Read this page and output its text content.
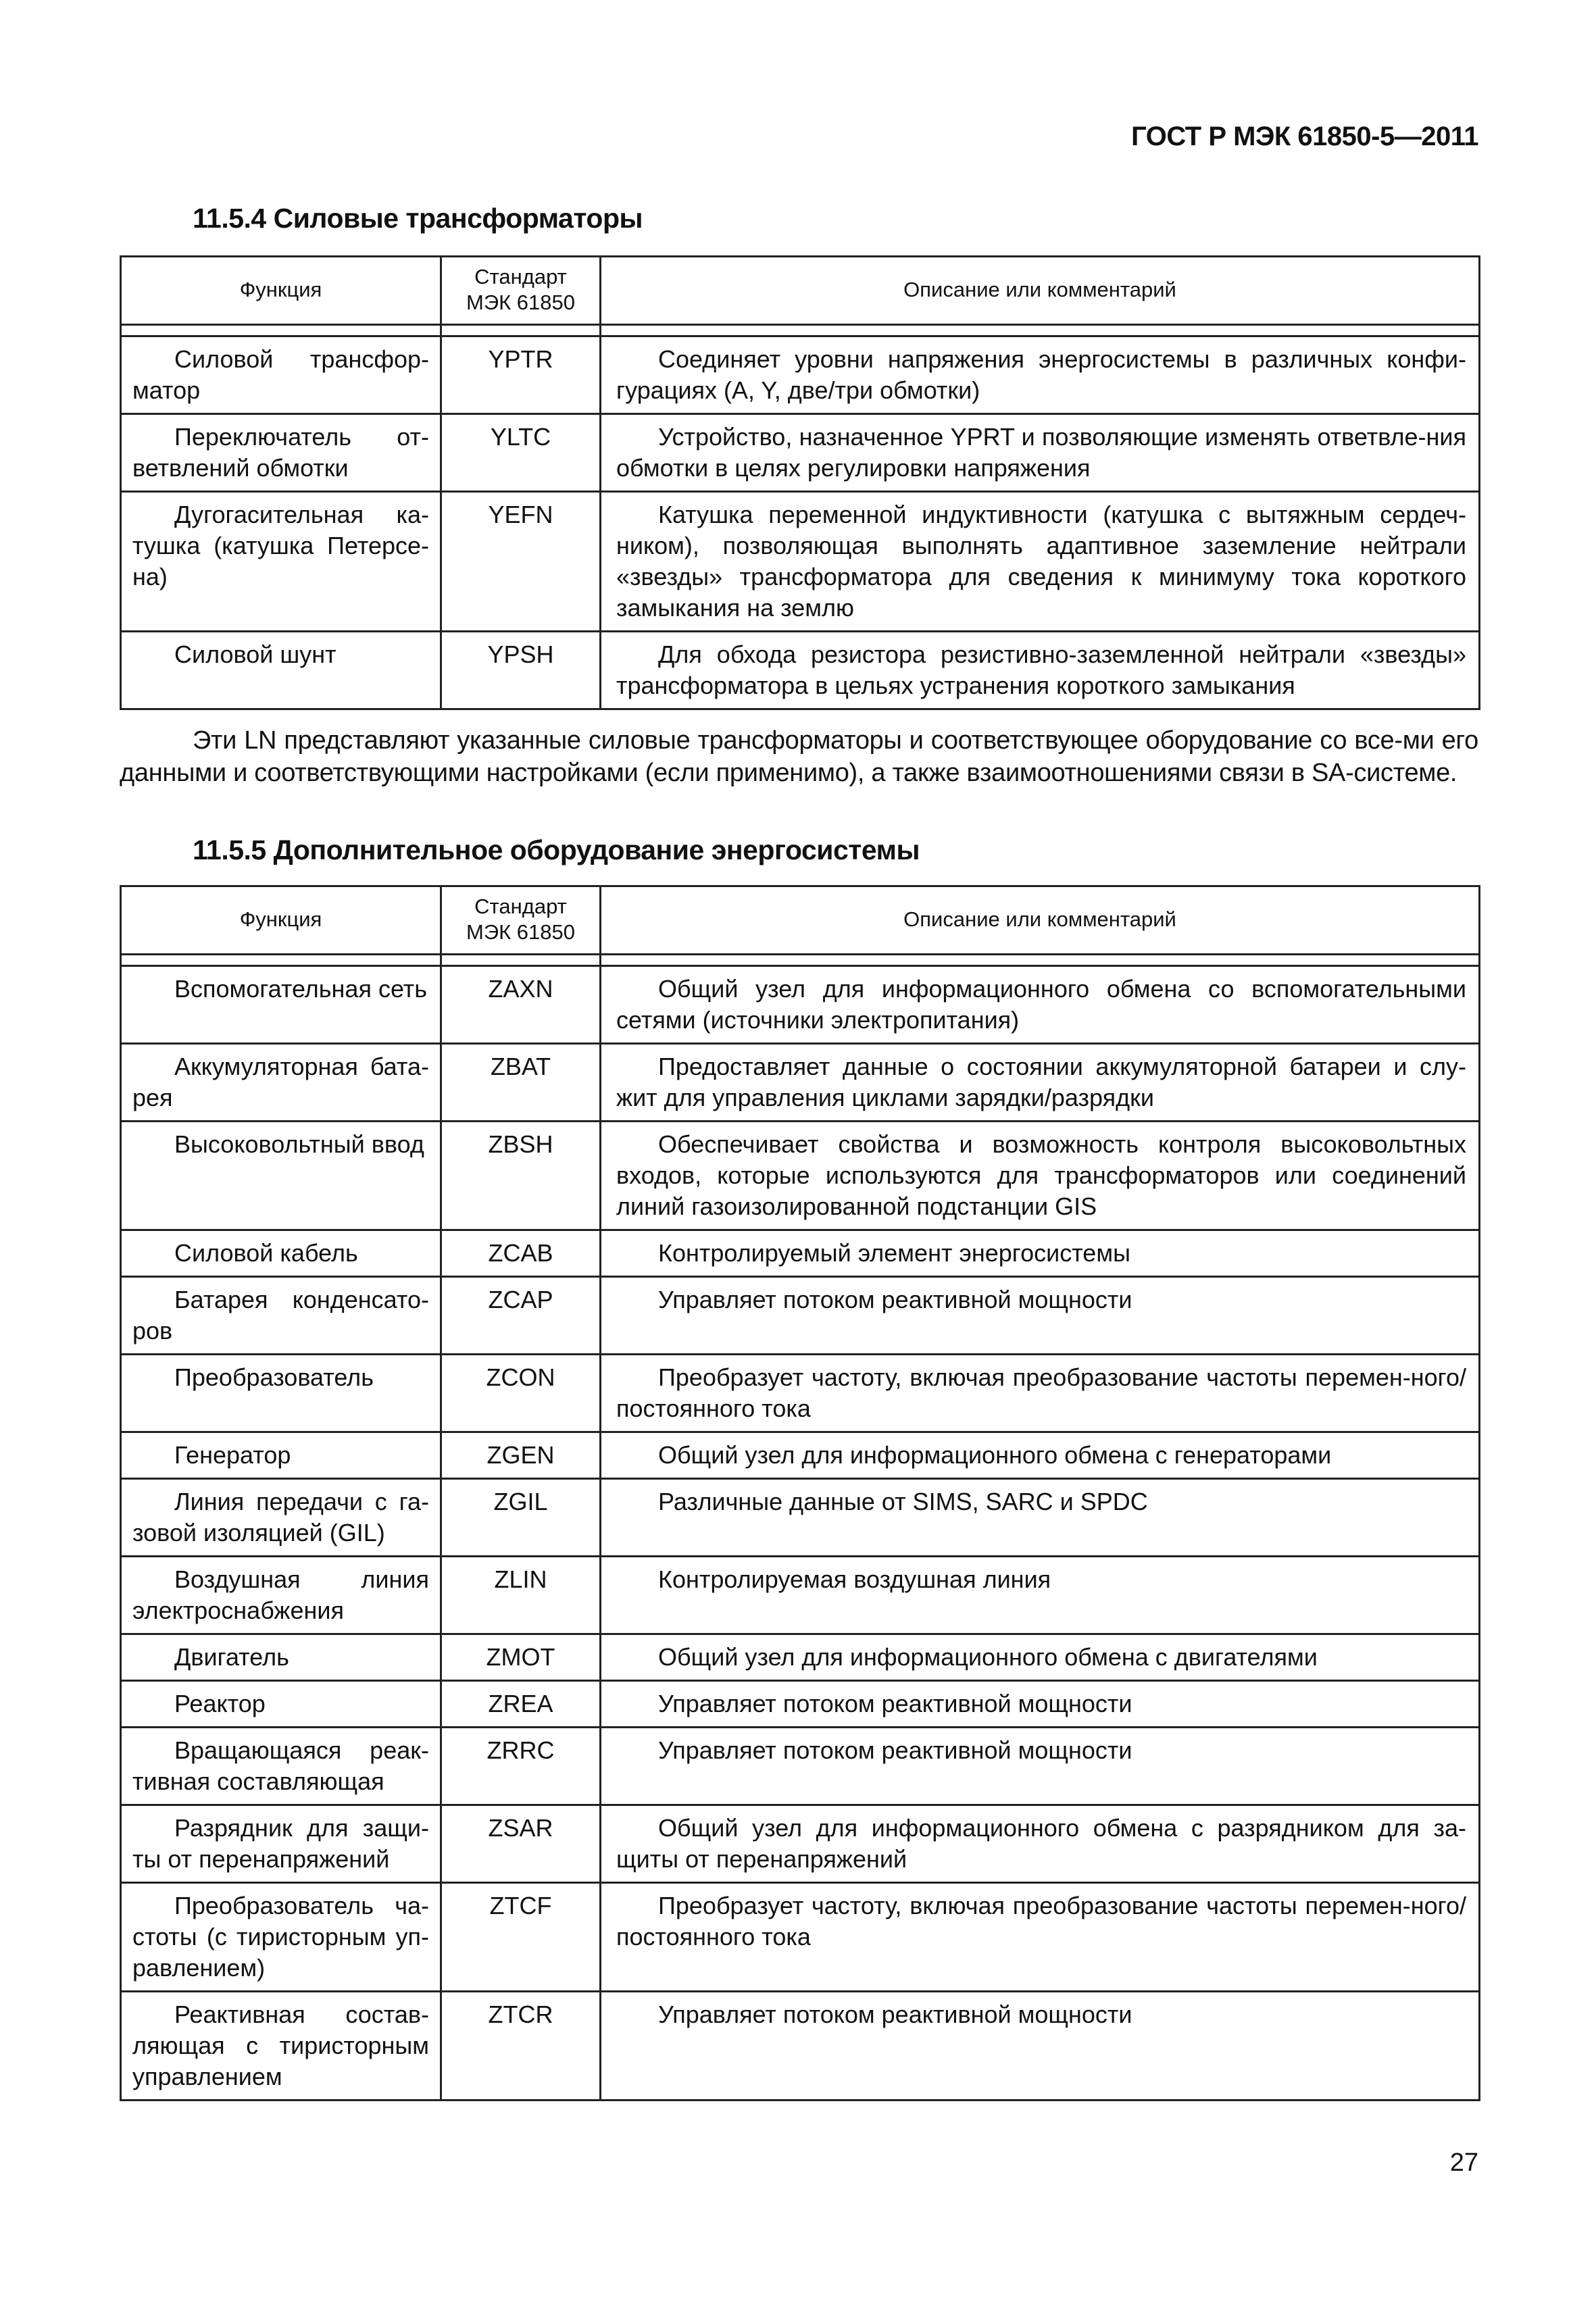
ГОСТ Р МЭК 61850-5—2011
11.5.4 Силовые трансформаторы
Функция	Стандарт МЭК 61850	Описание или комментарий

Силовой трансфор-матор	YPTR	Соединяет уровни напряжения энергосистемы в различных конфи-гурациях (A, Y, две/три обмотки)
Переключатель от-ветвлений обмотки	YLTC	Устройство, назначенное YPRT и позволяющие изменять ответвле-ния обмотки в целях регулировки напряжения
Дугогасительная ка-тушка (катушка Петерсе-на)	YEFN	Катушка переменной индуктивности (катушка с вытяжным сердеч-ником), позволяющая выполнять адаптивное заземление нейтрали «звезды» трансформатора для сведения к минимуму тока короткого замыкания на землю
Силовой шунт	YPSH	Для обхода резистора резистивно-заземленной нейтрали «звезды» трансформатора в цельях устранения короткого замыкания
Эти LN представляют указанные силовые трансформаторы и соответствующее оборудование со все-ми его данными и соответствующими настройками (если применимо), а также взаимоотношениями связи в SA-системе.
11.5.5 Дополнительное оборудование энергосистемы
Функция	Стандарт МЭК 61850	Описание или комментарий

Вспомогательная сеть	ZAXN	Общий узел для информационного обмена со вспомогательными сетями (источники электропитания)
Аккумуляторная бата-рея	ZBAT	Предоставляет данные о состоянии аккумуляторной батареи и слу-жит для управления циклами зарядки/разрядки
Высоковольтный ввод	ZBSH	Обеспечивает свойства и возможность контроля высоковольтных входов, которые используются для трансформаторов или соединений линий газоизолированной подстанции GIS
Силовой кабель	ZCAB	Контролируемый элемент энергосистемы
Батарея конденсато-ров	ZCAP	Управляет потоком реактивной мощности
Преобразователь	ZCON	Преобразует частоту, включая преобразование частоты перемен-ного/постоянного тока
Генератор	ZGEN	Общий узел для информационного обмена с генераторами
Линия передачи с га-зовой изоляцией (GIL)	ZGIL	Различные данные от SIMS, SARC и SPDC
Воздушная линия электроснабжения	ZLIN	Контролируемая воздушная линия
Двигатель	ZMOT	Общий узел для информационного обмена с двигателями
Реактор	ZREA	Управляет потоком реактивной мощности
Вращающаяся реак-тивная составляющая	ZRRC	Управляет потоком реактивной мощности
Разрядник для защи-ты от перенапряжений	ZSAR	Общий узел для информационного обмена с разрядником для за-щиты от перенапряжений
Преобразователь ча-стоты (с тиристорным уп-равлением)	ZTCF	Преобразует частоту, включая преобразование частоты перемен-ного/постоянного тока
Реактивная состав-ляющая с тиристорным управлением	ZTCR	Управляет потоком реактивной мощности
27
